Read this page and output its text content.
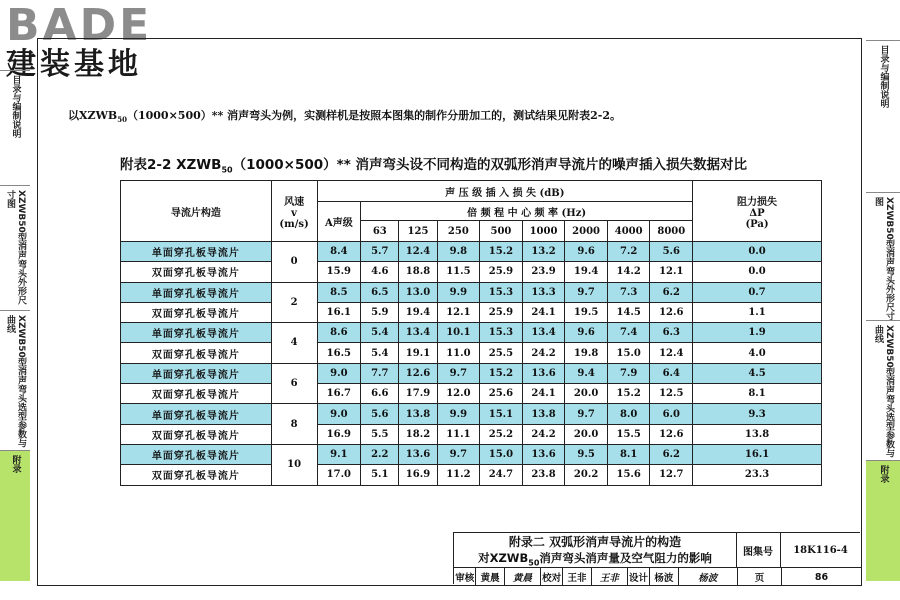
BADE
建装基地
目录与编制说明
XZWB50型消声弯头外形尺寸图
XZWB50型消声弯头选型参数与曲线
附录
目录与编制说明
XZWB50型消声弯头外形尺寸图
XZWB50型消声弯头选型参数与曲线
附录
以$XZWB_{50}(1000\times 500)**$ 消声弯头为例，实测样机是按照本图集的制作分册加工的，测试结果见附表2-2。
附表2-2 $XZWB_{50}(1000\times 500)**$ 消声弯头设不同构造的双弧形消声导流片的噪声插入损失数据对比
导流片构造	风速
v
(m/s)	声 压 级 插 入 损 失 (dB)									阻力损失
ΔP
(Pa)
		A声级	倍 频 程 中 心 频 率 (Hz)								
			63	125	250	500	1000	2000	4000	8000	
单面穿孔板导流片	0	8.4	5.7	12.4	9.8	15.2	13.2	9.6	7.2	5.6	0.0
双面穿孔板导流片		15.9	4.6	18.8	11.5	25.9	23.9	19.4	14.2	12.1	0.0
单面穿孔板导流片	2	8.5	6.5	13.0	9.9	15.3	13.3	9.7	7.3	6.2	0.7
双面穿孔板导流片		16.1	5.9	19.4	12.1	25.9	24.1	19.5	14.5	12.6	1.1
单面穿孔板导流片	4	8.6	5.4	13.4	10.1	15.3	13.4	9.6	7.4	6.3	1.9
双面穿孔板导流片		16.5	5.4	19.1	11.0	25.5	24.2	19.8	15.0	12.4	4.0
单面穿孔板导流片	6	9.0	7.7	12.6	9.7	15.2	13.6	9.4	7.9	6.4	4.5
双面穿孔板导流片		16.7	6.6	17.9	12.0	25.6	24.1	20.0	15.2	12.5	8.1
单面穿孔板导流片	8	9.0	5.6	13.8	9.9	15.1	13.8	9.7	8.0	6.0	9.3
双面穿孔板导流片		16.9	5.5	18.2	11.1	25.2	24.2	20.0	15.5	12.6	13.8
单面穿孔板导流片	10	9.1	2.2	13.6	9.7	15.0	13.6	9.5	8.1	6.2	16.1
双面穿孔板导流片		17.0	5.1	16.9	11.2	24.7	23.8	20.2	15.6	12.7	23.3
附录二 双弧形消声导流片的构造
对$XZWB_{50}$消声弯头消声量及空气阻力的影响	图集号	18K116-4
审核 黄晨	黄晨	校对 王非	王非	设计 杨波	杨波	页	86
